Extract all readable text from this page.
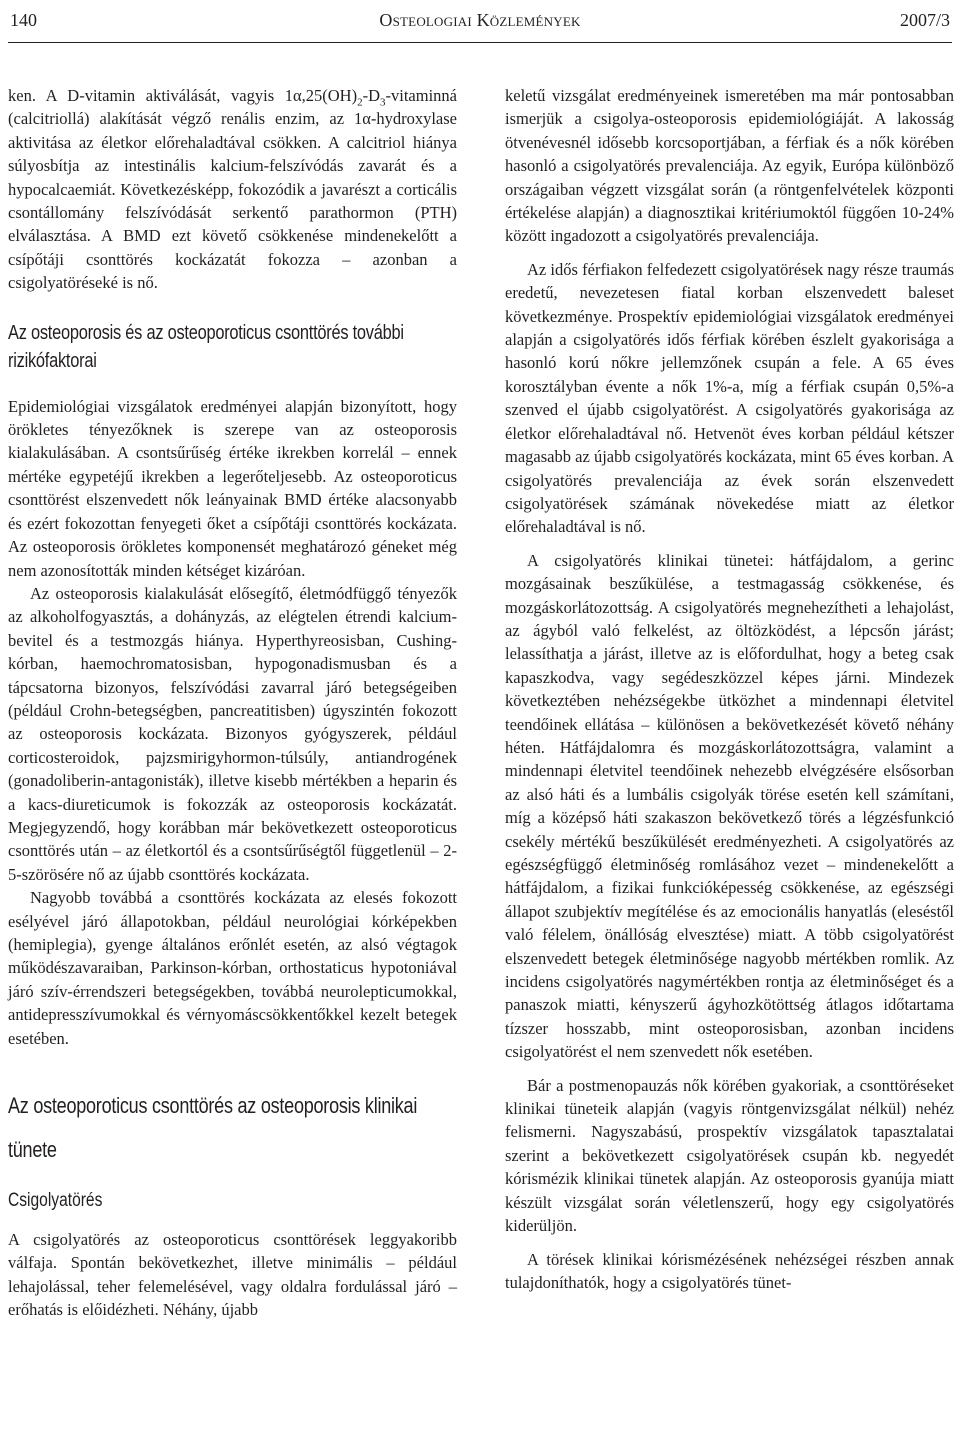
140	Osteologiai Közlemények	2007/3

ken. A D-vitamin aktiválását, vagyis $1\alpha,25(OH)_2-D_3$-vitaminná (calcitriollá) alakítását végző renális enzim, az 1α-hydroxylase aktivitása az életkor előrehaladtával csökken. A calcitriol hiánya súlyosbítja az intestinális kalcium-felszívódás zavarát és a hypocalcaemiát. Következésképp, fokozódik a javarészt a corticális csontállomány felszívódását serkentő parathormon (PTH) elválasztása. A BMD ezt követő csökkenése mindenekelőtt a csípőtáji csonttörés kockázatát fokozza – azonban a csigolyatöréseké is nő.

Az osteoporosis és az osteoporoticus csonttörés további rizikófaktorai

Epidemiológiai vizsgálatok eredményei alapján bizonyított, hogy örökletes tényezőknek is szerepe van az osteoporosis kialakulásában. A csontsűrűség értéke ikrekben korrelál – ennek mértéke egypetéjű ikrekben a legerőteljesebb. Az osteoporoticus csonttörést elszenvedett nők leányainak BMD értéke alacsonyabb és ezért fokozottan fenyegeti őket a csípőtáji csonttörés kockázata. Az osteoporosis örökletes komponensét meghatározó géneket még nem azonosították minden kétséget kizáróan.

Az osteoporosis kialakulását elősegítő, életmódfüggő tényezők az alkoholfogyasztás, a dohányzás, az elégtelen étrendi kalcium-bevitel és a testmozgás hiánya. Hyperthyreosisban, Cushing-kórban, haemochromatosisban, hypogonadismusban és a tápcsatorna bizonyos, felszívódási zavarral járó betegségeiben (például Crohn-betegségben, pancreatitisben) úgyszintén fokozott az osteoporosis kockázata. Bizonyos gyógyszerek, például corticosteroidok, pajzsmirigyhormon-túlsúly, antiandrogének (gonadoliberin-antagonisták), illetve kisebb mértékben a heparin és a kacs-diureticumok is fokozzák az osteoporosis kockázatát. Megjegyzendő, hogy korábban már bekövetkezett osteoporoticus csonttörés után – az életkortól és a csontsűrűségtől függetlenül – 2-5-szörösére nő az újabb csonttörés kockázata.

Nagyobb továbbá a csonttörés kockázata az elesés fokozott esélyével járó állapotokban, például neurológiai kórképekben (hemiplegia), gyenge általános erőnlét esetén, az alsó végtagok működészavaraiban, Parkinson-kórban, orthostaticus hypotoniával járó szív-érrendszeri betegségekben, továbbá neurolepticumokkal, antidepresszívumokkal és vérnyomáscsökkentőkkel kezelt betegek esetében.

Az osteoporoticus csonttörés az osteoporosis klinikai tünete
Csigolyatörés

A csigolyatörés az osteoporoticus csonttörések leggyakoribb válfaja. Spontán bekövetkezhet, illetve minimális – például lehajolással, teher felemelésével, vagy oldalra fordulással járó – erőhatás is előidézheti. Néhány, újabb

keletű vizsgálat eredményeinek ismeretében ma már pontosabban ismerjük a csigolya-osteoporosis epidemiológiáját. A lakosság ötvenévesnél idősebb korcsoportjában, a férfiak és a nők körében hasonló a csigolyatörés prevalenciája. Az egyik, Európa különböző országaiban végzett vizsgálat során (a röntgenfelvételek központi értékelése alapján) a diagnosztikai kritériumoktól függően 10-24% között ingadozott a csigolyatörés prevalenciája.

Az idős férfiakon felfedezett csigolyatörések nagy része traumás eredetű, nevezetesen fiatal korban elszenvedett baleset következménye. Prospektív epidemiológiai vizsgálatok eredményei alapján a csigolyatörés idős férfiak körében észlelt gyakorisága a hasonló korú nőkre jellemzőnek csupán a fele. A 65 éves korosztályban évente a nők 1%-a, míg a férfiak csupán 0,5%-a szenved el újabb csigolyatörést. A csigolyatörés gyakorisága az életkor előrehaladtával nő. Hetvenöt éves korban például kétszer magasabb az újabb csigolyatörés kockázata, mint 65 éves korban. A csigolyatörés prevalenciája az évek során elszenvedett csigolyatörések számának növekedése miatt az életkor előrehaladtával is nő.

A csigolyatörés klinikai tünetei: hátfájdalom, a gerinc mozgásainak beszűkülése, a testmagasság csökkenése, és mozgáskorlátozottság. A csigolyatörés megnehezítheti a lehajolást, az ágyból való felkelést, az öltözködést, a lépcsőn járást; lelassíthatja a járást, illetve az is előfordulhat, hogy a beteg csak kapaszkodva, vagy segédeszközzel képes járni. Mindezek következtében nehézségekbe ütközhet a mindennapi életvitel teendőinek ellátása – különösen a bekövetkezését követő néhány héten. Hátfájdalomra és mozgáskorlátozottságra, valamint a mindennapi életvitel teendőinek nehezebb elvégzésére elsősorban az alsó háti és a lumbális csigolyák törése esetén kell számítani, míg a középső háti szakaszon bekövetkező törés a légzésfunkció csekély mértékű beszűkülését eredményezheti. A csigolyatörés az egészségfüggő életminőség romlásához vezet – mindenekelőtt a hátfájdalom, a fizikai funkcióképesség csökkenése, az egészségi állapot szubjektív megítélése és az emocionális hanyatlás (eleséstől való félelem, önállóság elvesztése) miatt. A több csigolyatörést elszenvedett betegek életminősége nagyobb mértékben romlik. Az incidens csigolyatörés nagymértékben rontja az életminőséget és a panaszok miatti, kényszerű ágyhozkötöttség átlagos időtartama tízszer hosszabb, mint osteoporosisban, azonban incidens csigolyatörést el nem szenvedett nők esetében.

Bár a postmenopauzás nők körében gyakoriak, a csonttöréseket klinikai tüneteik alapján (vagyis röntgenvizsgálat nélkül) nehéz felismerni. Nagyszabású, prospektív vizsgálatok tapasztalatai szerint a bekövetkezett csigolyatörések csupán kb. negyedét kórismézik klinikai tünetek alapján. Az osteoporosis gyanúja miatt készült vizsgálat során véletlenszerű, hogy egy csigolyatörés kiderüljön.

A törések klinikai kórismézésének nehézségei részben annak tulajdoníthatók, hogy a csigolyatörés tünet-
